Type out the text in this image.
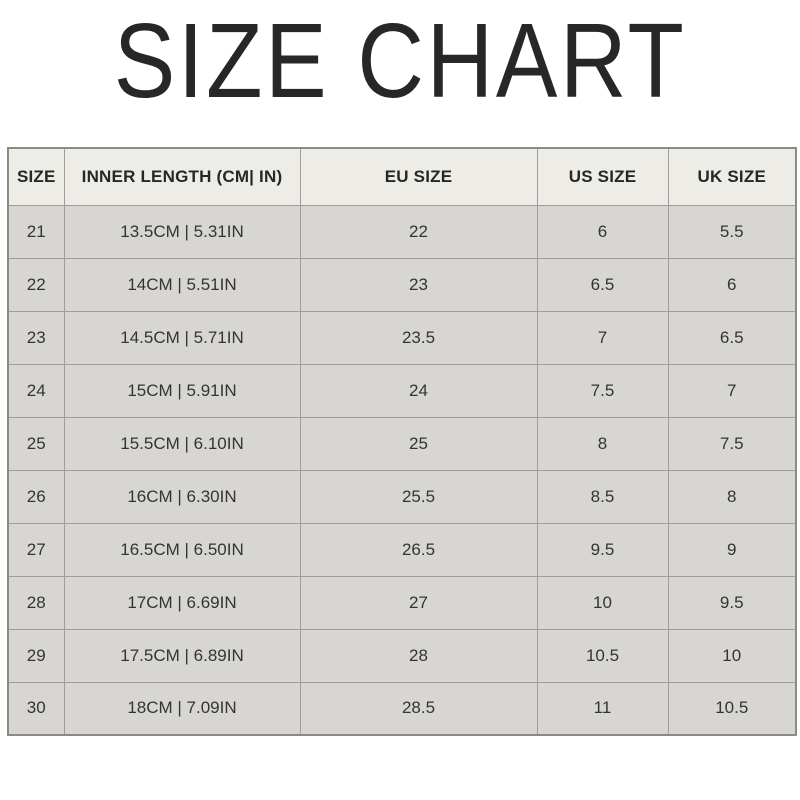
SIZE CHART
SIZE	INNER LENGTH (CM| IN)	EU SIZE	US SIZE	UK SIZE
21	13.5CM | 5.31IN	22	6	5.5
22	14CM | 5.51IN	23	6.5	6
23	14.5CM | 5.71IN	23.5	7	6.5
24	15CM | 5.91IN	24	7.5	7
25	15.5CM | 6.10IN	25	8	7.5
26	16CM | 6.30IN	25.5	8.5	8
27	16.5CM | 6.50IN	26.5	9.5	9
28	17CM | 6.69IN	27	10	9.5
29	17.5CM | 6.89IN	28	10.5	10
30	18CM | 7.09IN	28.5	11	10.5
